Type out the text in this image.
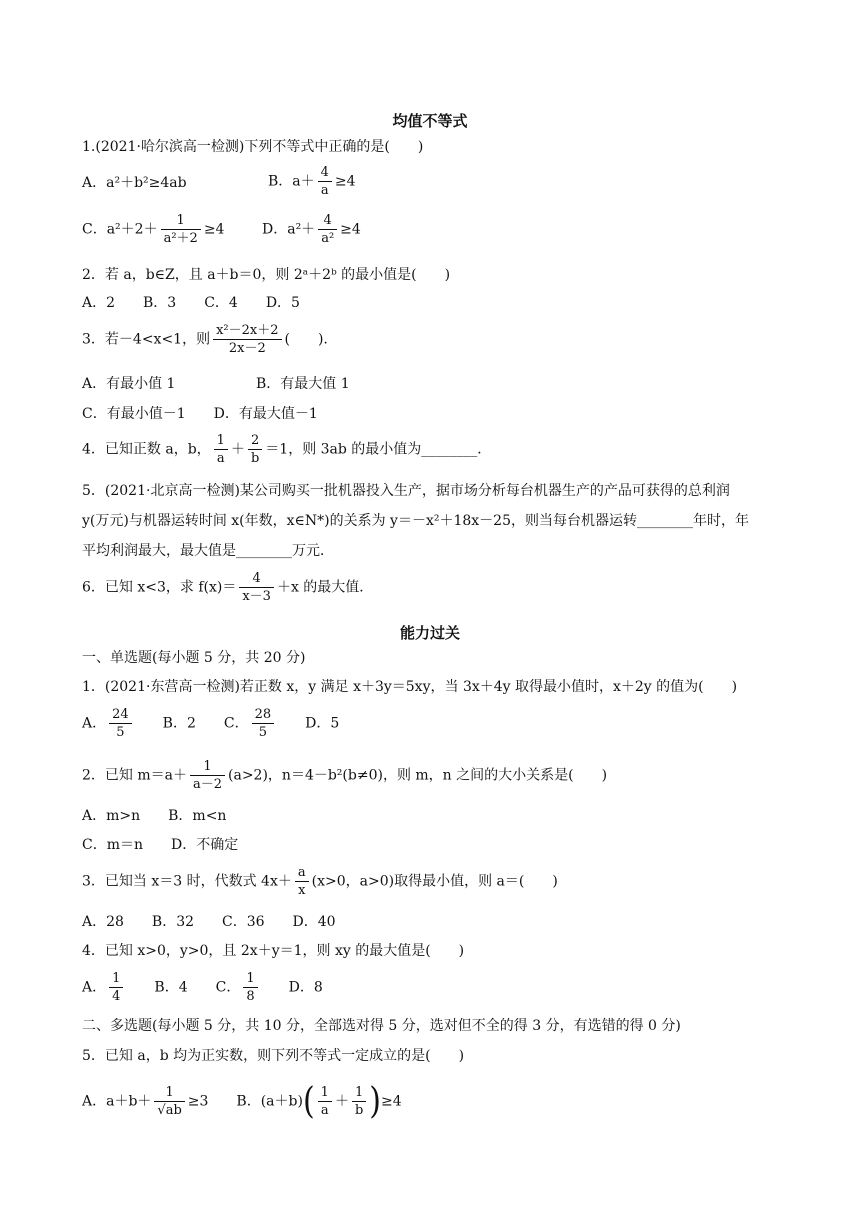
均值不等式
1.(2021·哈尔滨高一检测)下列不等式中正确的是(　　)
A．a²＋b²≥4ab	B．$a+ \frac{4}{a} \ge 4$
C．$a^2+2+ \frac{1}{\text{a²＋2}} \ge 4$	D．$a^2+ \frac{4}{\text{a²}} \ge 4$
2．若 a，b∈Z，且 a＋b＝0，则 2ᵃ＋2ᵇ 的最小值是(　　)
A．2　　B．3　　C．4　　D．5
3．若－4<x<1，则 $\frac{\text{x²－2x＋2}}{2x-2}$ (　　).
A．有最小值 1	B．有最大值 1
C．有最小值－1　　D．有最大值－1
4．已知正数 a，b， $\frac{1}{a} + \frac{2}{b} =1$，则 3ab 的最小值为________．
5．(2021·北京高一检测)某公司购买一批机器投入生产，据市场分析每台机器生产的产品可获得的总利润
y(万元)与机器运转时间 x(年数，x∈N*)的关系为 y＝－x²＋18x－25，则当每台机器运转________年时，年
平均利润最大，最大值是________万元．
6．已知 x<3，求 $f(x)= \frac{4}{x-3} +x$ 的最大值．
能力过关
一、单选题(每小题 5 分，共 20 分)
1．(2021·东营高一检测)若正数 x，y 满足 x＋3y＝5xy，当 3x＋4y 取得最小值时，x＋2y 的值为(　　)
A． $\frac{24}{5}$ B．2 C． $\frac{28}{5}$ D．5
2．已知 $m=a+ \frac{1}{a-2} (a>2)$，n＝4－b²(b≠0)，则 m，n 之间的大小关系是(　　)
A．m>n　　B．m<n
C．m＝n　　D．不确定
3．已知当 x＝3 时，代数式 $4x+ \frac{a}{x} (x>0$，a>0)取得最小值，则 a＝(　　)
A．28　　B．32　　C．36　　D．40
4．已知 x>0，y>0，且 2x＋y＝1，则 xy 的最大值是(　　)
A． $\frac{1}{4}$ B．4 C． $\frac{1}{8}$ D．8
二、多选题(每小题 5 分，共 10 分，全部选对得 5 分，选对但不全的得 3 分，有选错的得 0 分)
5．已知 a，b 均为正实数，则下列不等式一定成立的是(　　)
A．$a+b+ \frac{1}{√ab} \ge 3$ B．$(a+b)( \frac{1}{a} + \frac{1}{b} )\ge 4$
